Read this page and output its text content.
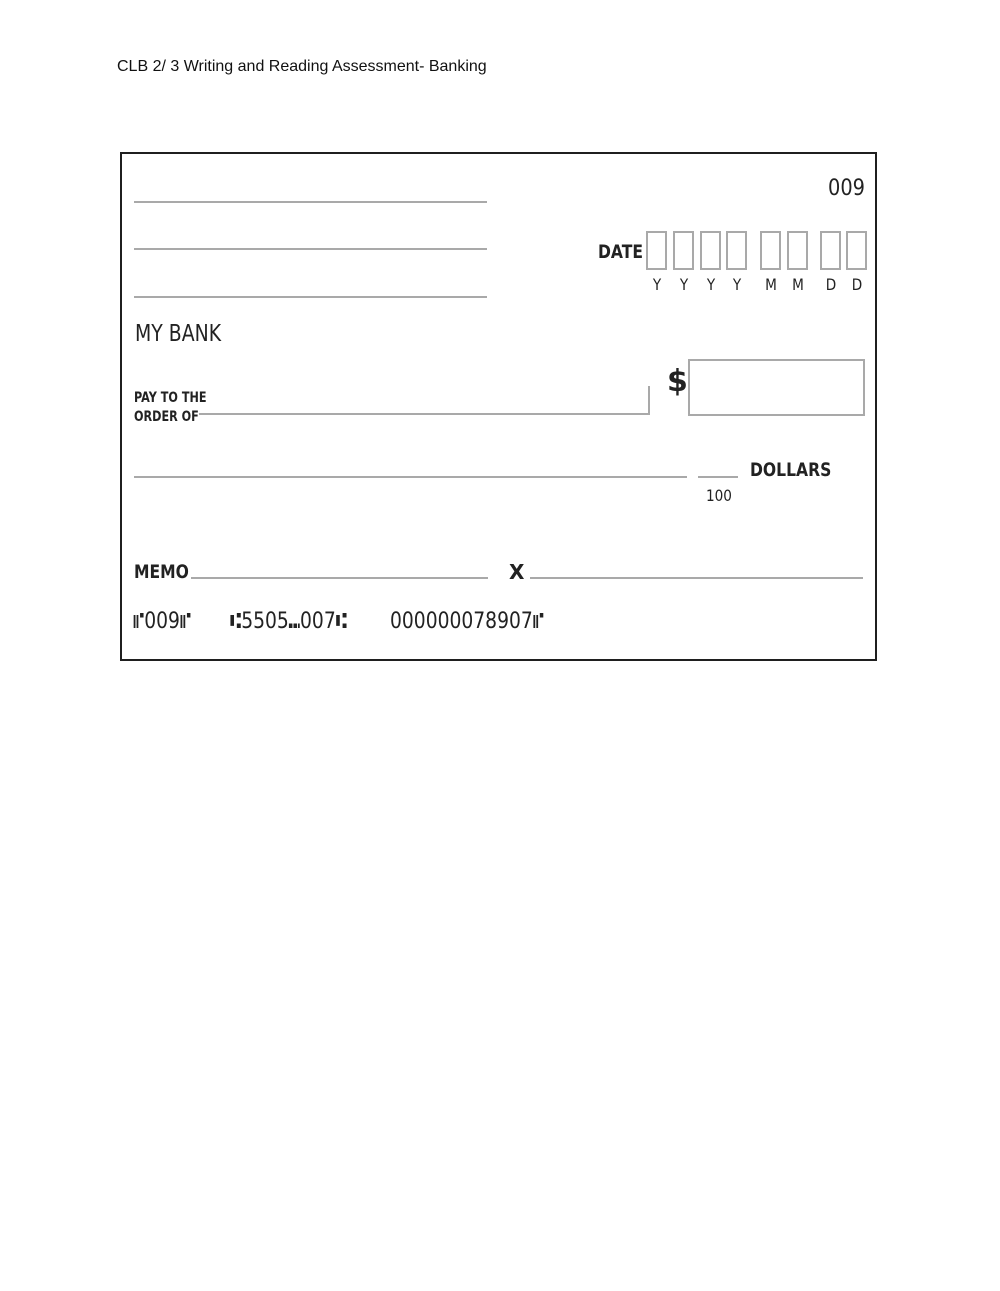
CLB 2/ 3 Writing and Reading Assessment- Banking
009
DATE
Y	Y	Y	Y	M M D D
MY BANK
PAY TO THE
ORDER OF
$
100
DOLLARS
MEMO	X
⑈009⑈ ⑆5505⑉007⑆ 000000078907⑈
